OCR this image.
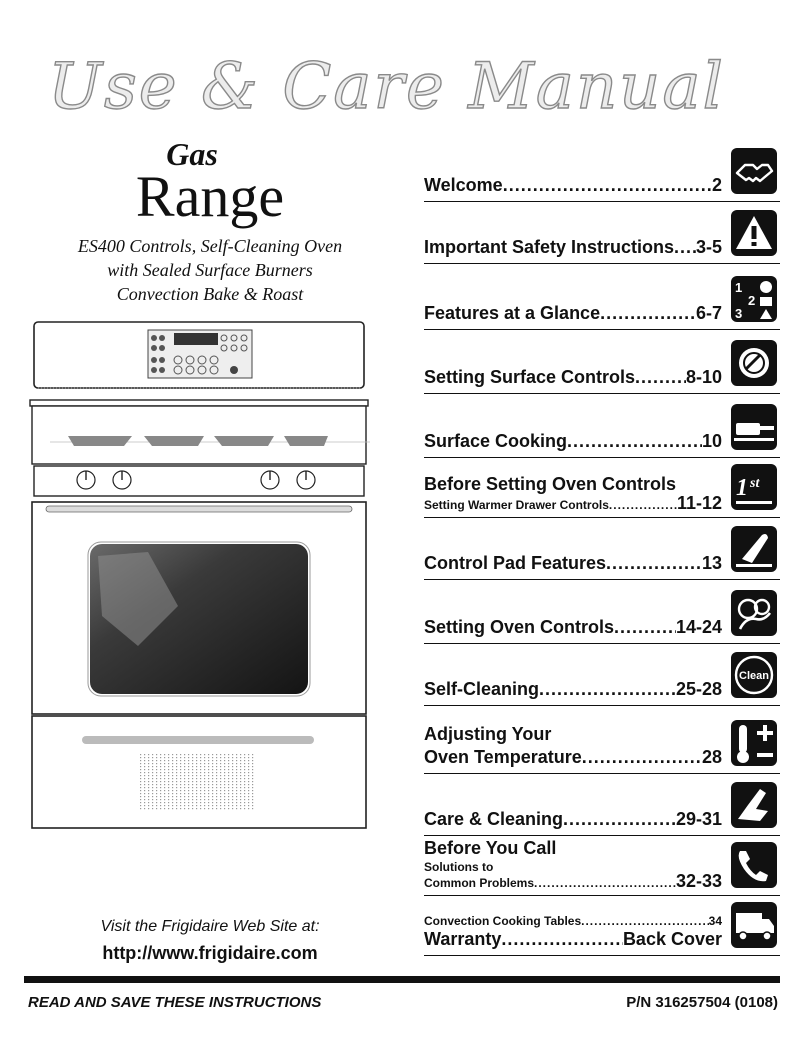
Use & Care Manual
Gas
Range
ES400 Controls, Self-Cleaning Oven
with Sealed Surface Burners
Convection Bake & Roast
Visit the Frigidaire Web Site at:
http://www.frigidaire.com
Welcome .....	2
Important Safety Instructions ..... 3-5
Features at a Glance .....	6-7
1
2
3
Setting Surface Controls .....	8-10
Surface Cooking .....	10
Before Setting Oven Controls
Setting Warmer Drawer Controls .....	11-12
1 st
Control Pad Features .....	13
Setting Oven Controls .....	14-24
Self-Cleaning .....	25-28
Clean
Adjusting Your
Oven Temperature .....	28
Care & Cleaning .....	29-31
Before You Call
Solutions to
Common Problems .....	32-33
Convection Cooking Tables .....	34
Warranty .....	Back Cover
READ AND SAVE THESE INSTRUCTIONS	P/N 316257504 (0108)
